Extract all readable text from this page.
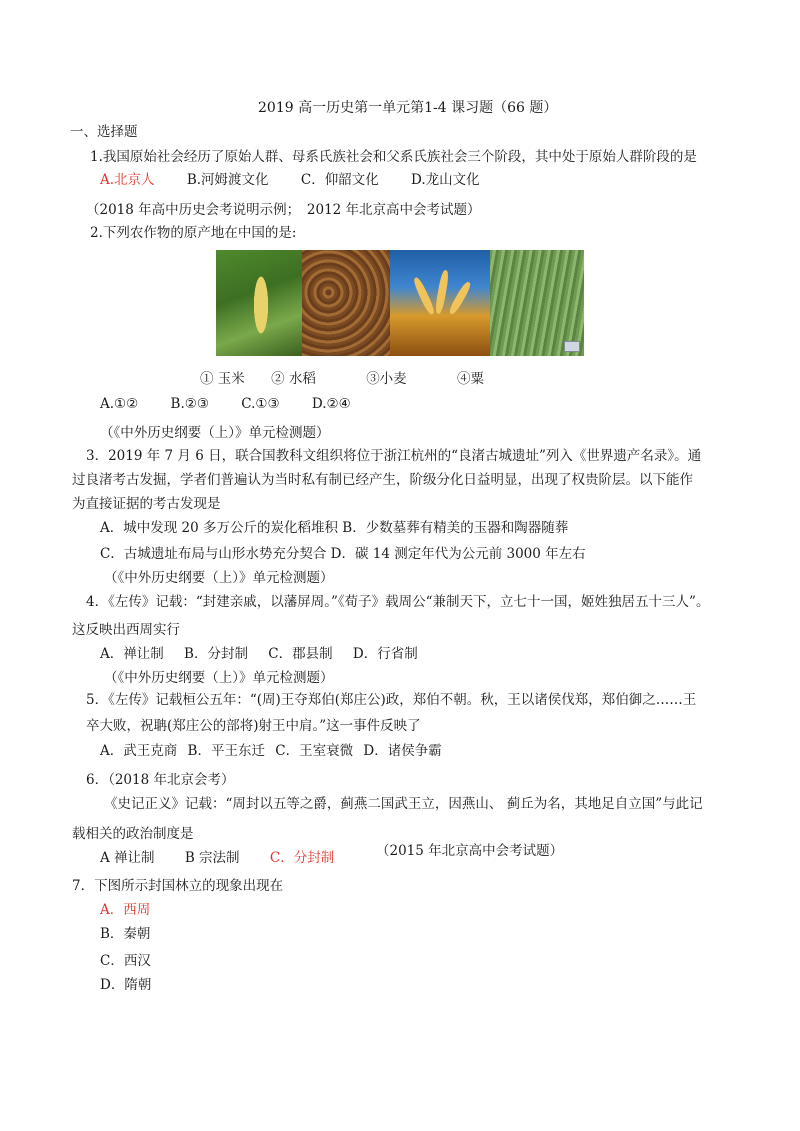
2019 高一历史第一单元第1-4 课习题（66 题）
一、选择题
1.我国原始社会经历了原始人群、母系氏族社会和父系氏族社会三个阶段，其中处于原始人群阶段的是
A.北京人 B.河姆渡文化 C．仰韶文化 D.龙山文化
（2018 年高中历史会考说明示例；　2012 年北京高中会考试题）
2.下列农作物的原产地在中国的是:
① 玉米 ② 水稻	③小麦	④粟
A.①② B.②③ C.①③ D.②④
（《中外历史纲要（上）》单元检测题）
3．2019 年 7 月 6 日，联合国教科文组织将位于浙江杭州的“良渚古城遗址”列入《世界遗产名录》。通
过良渚考古发掘，学者们普遍认为当时私有制已经产生，阶级分化日益明显，出现了权贵阶层。以下能作
为直接证据的考古发现是
A．城中发现 20 多万公斤的炭化稻堆积 B．少数墓葬有精美的玉器和陶器随葬
C．古城遗址布局与山形水势充分契合 D．碳 14 测定年代为公元前 3000 年左右
（《中外历史纲要（上）》单元检测题）
4．《左传》记载：“封建亲戚，以藩屏周。”《荀子》载周公“兼制天下，立七十一国，姬姓独居五十三人”。
这反映出西周实行
A．禅让制 B．分封制 C．郡县制 D．行省制
（《中外历史纲要（上）》单元检测题）
5．《左传》记载桓公五年：“(周)王夺郑伯(郑庄公)政，郑伯不朝。秋，王以诸侯伐郑，郑伯御之……王
卒大败，祝聃(郑庄公的部将)射王中肩。”这一事件反映了
A．武王克商 B．平王东迁 C．王室衰微 D．诸侯争霸
6．（2018 年北京会考）
《史记正义》记载：“周封以五等之爵，蓟燕二国武王立，因燕山、 蓟丘为名，其地足自立国”与此记
载相关的政治制度是
A 禅让制 B 宗法制 C．分封制	（2015 年北京高中会考试题）
7．下图所示封国林立的现象出现在
A．西周
B．秦朝
C．西汉
D．隋朝
